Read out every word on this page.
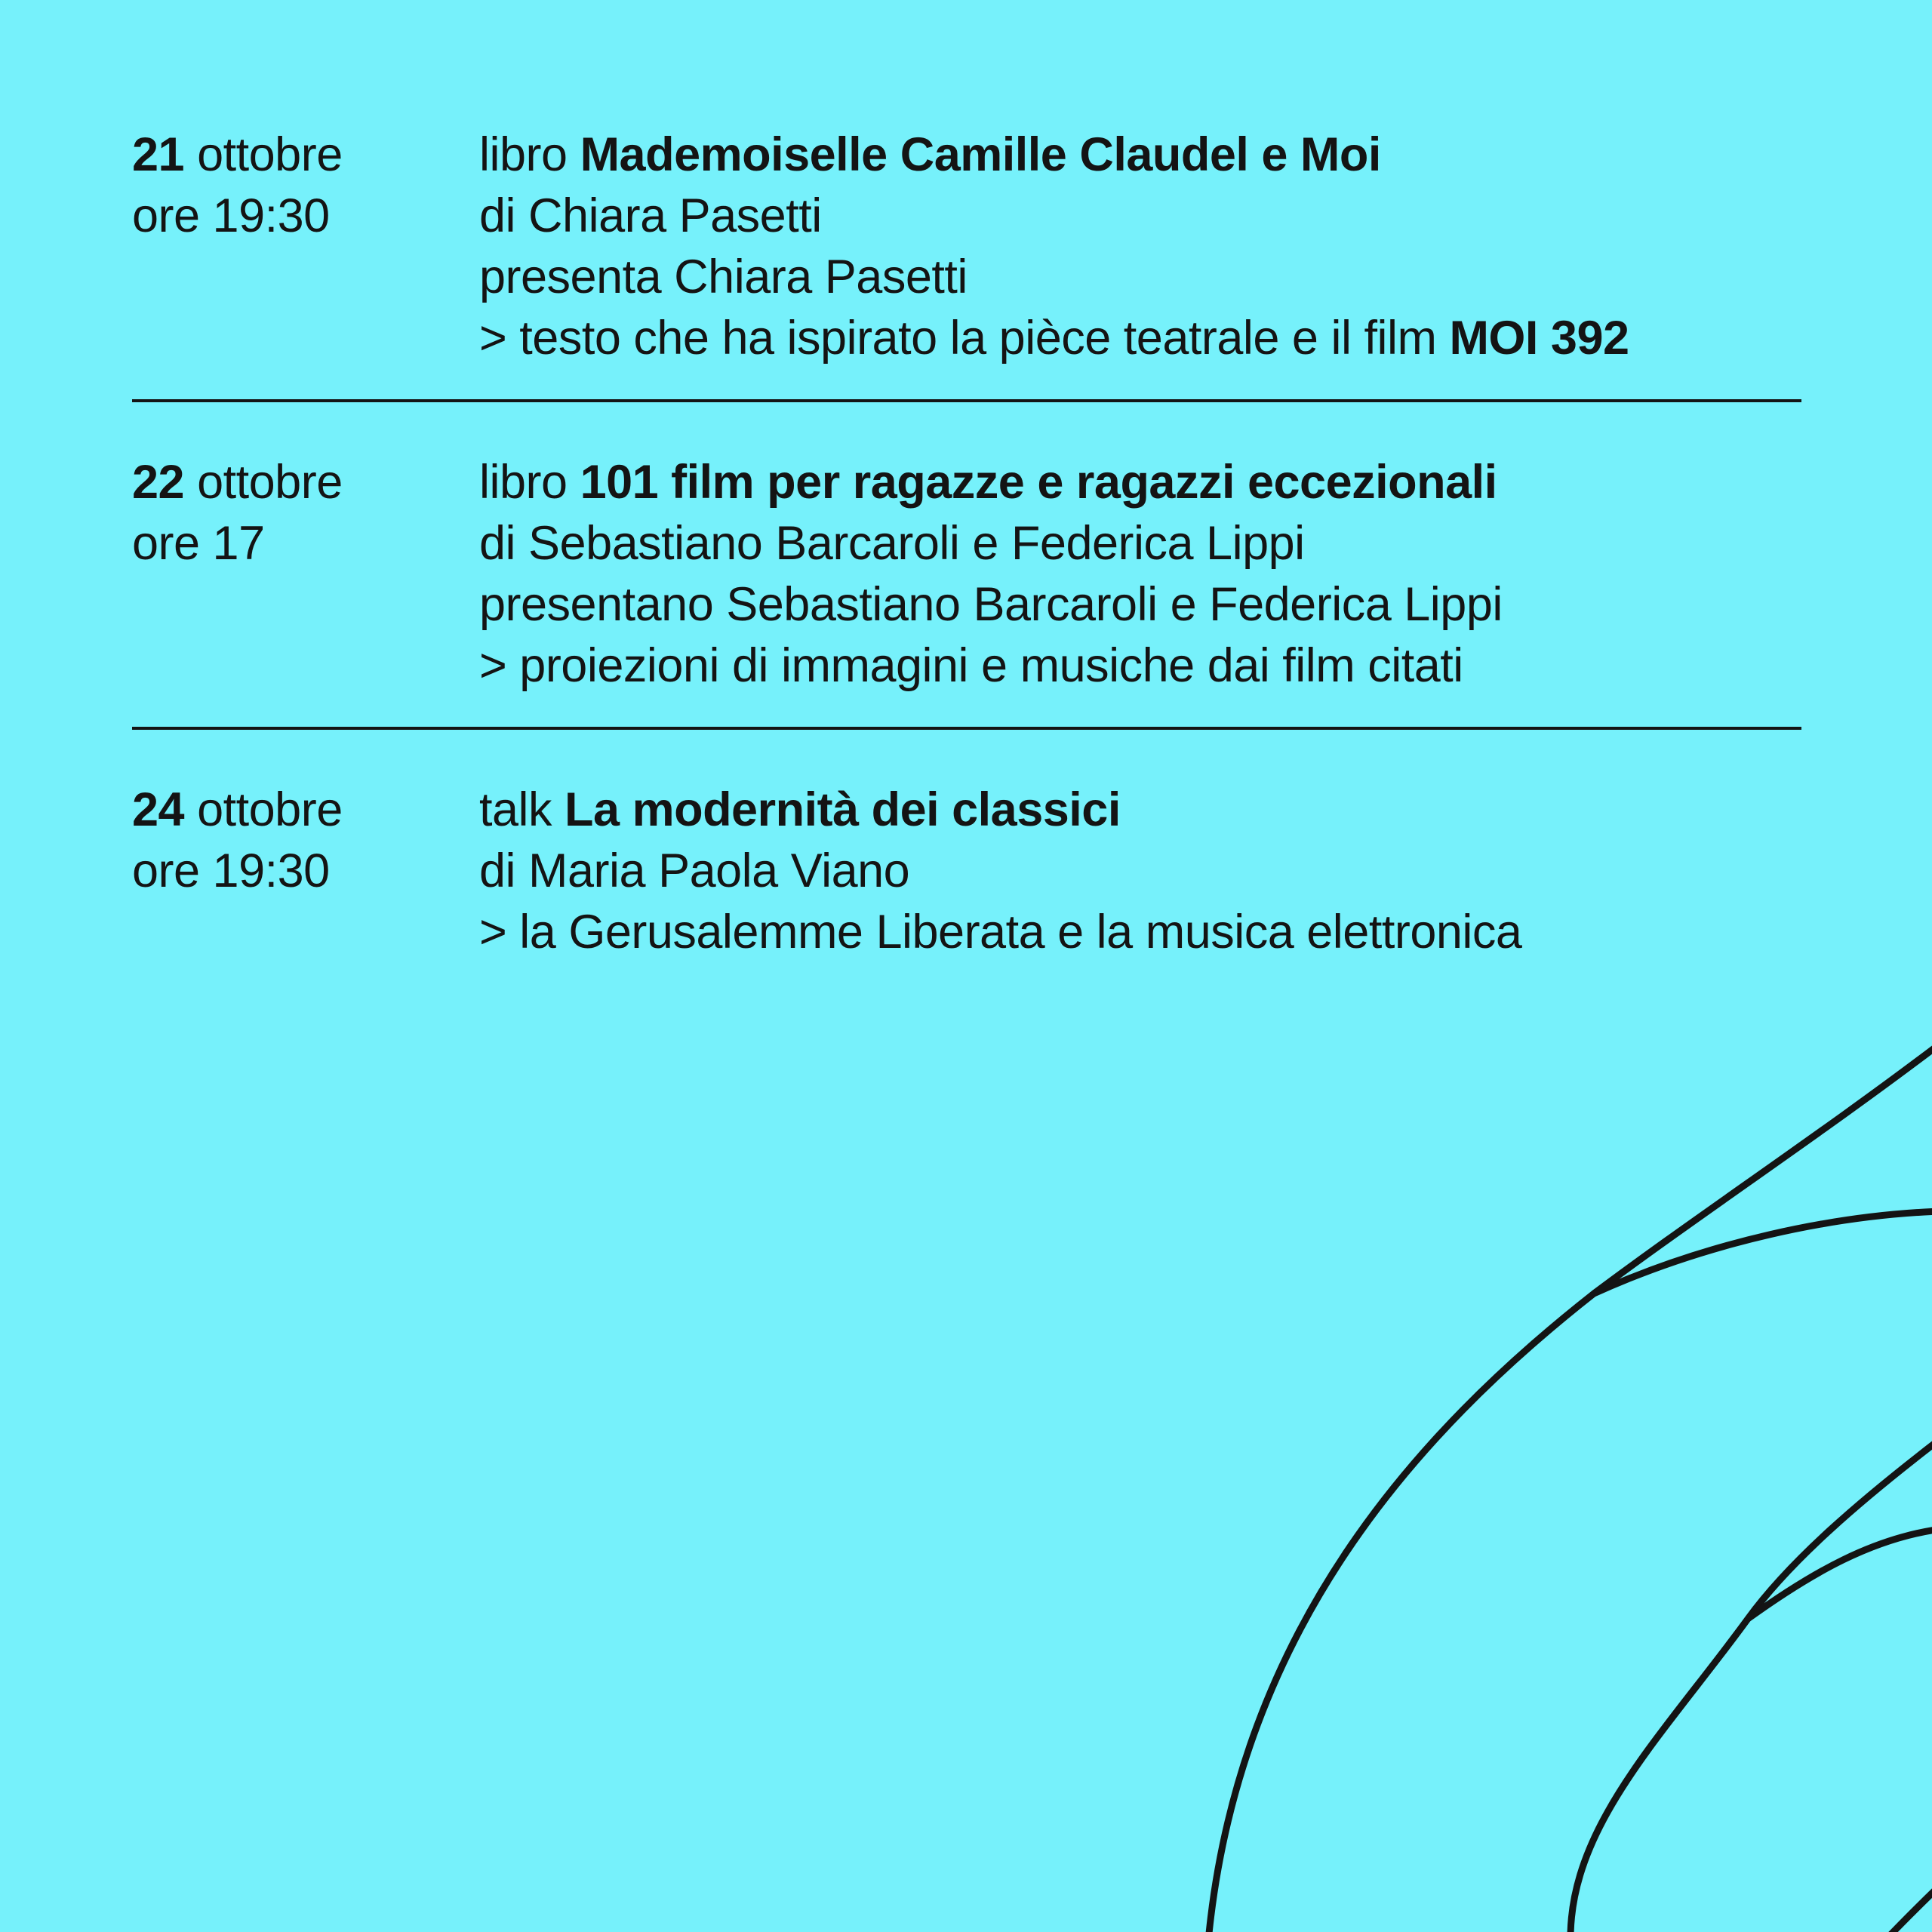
21 ottobre
ore 19:30
libro Mademoiselle Camille Claudel e Moi
di Chiara Pasetti
presenta Chiara Pasetti
> testo che ha ispirato la pièce teatrale e il film MOI 392
22 ottobre
ore 17
libro 101 film per ragazze e ragazzi eccezionali
di Sebastiano Barcaroli e Federica Lippi
presentano Sebastiano Barcaroli e Federica Lippi
> proiezioni di immagini e musiche dai film citati
24 ottobre
ore 19:30
talk La modernità dei classici
di Maria Paola Viano
> la Gerusalemme Liberata e la musica elettronica
